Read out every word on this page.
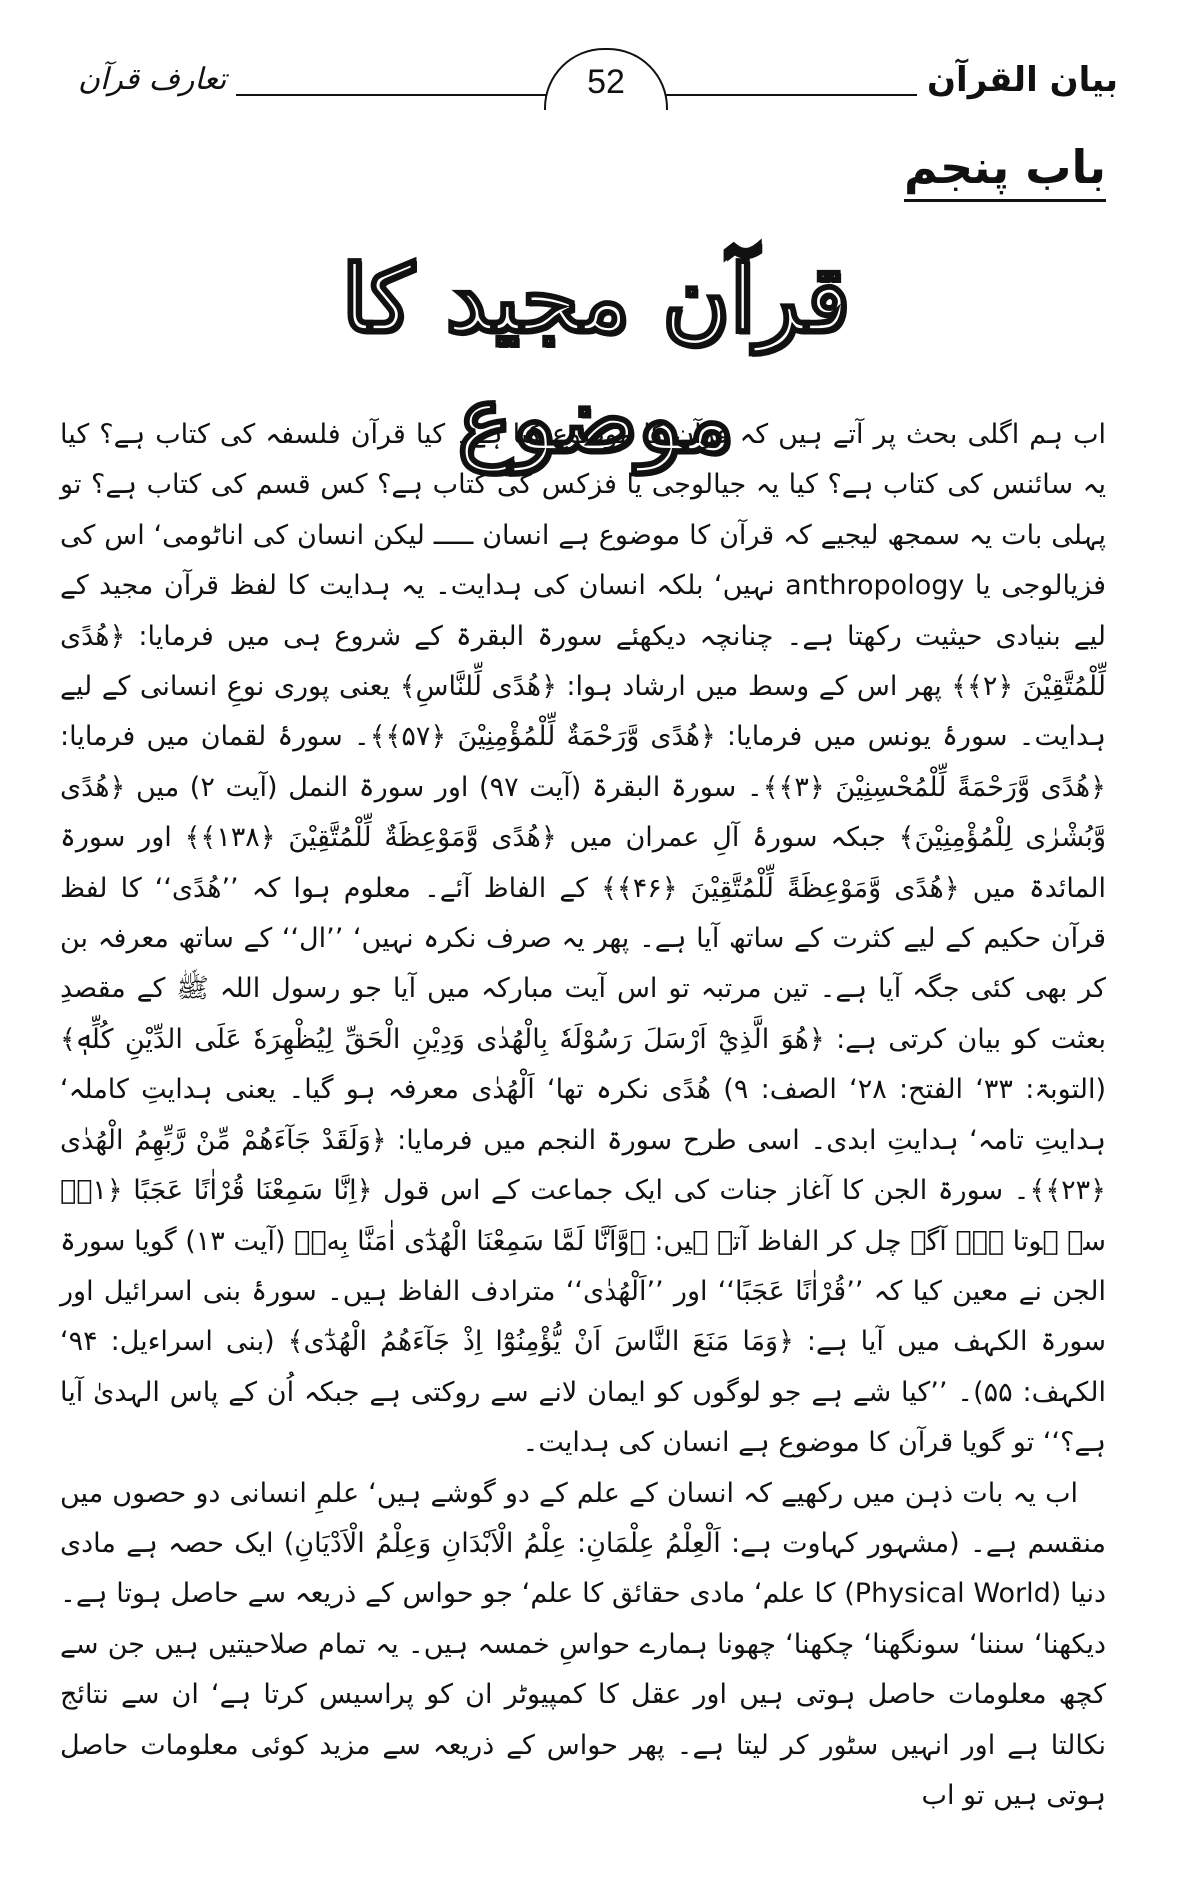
تعارف قرآن	52	بیان القرآن
باب پنجم
قرآن مجید کا موضوع

اب ہم اگلی بحث پر آتے ہیں کہ قرآن کا موضوع کیا ہے۔ کیا قرآن فلسفہ کی کتاب ہے؟ کیا یہ سائنس کی کتاب ہے؟ کیا یہ جیالوجی یا فزکس کی کتاب ہے؟ کس قسم کی کتاب ہے؟ تو پہلی بات یہ سمجھ لیجیے کہ قرآن کا موضوع ہے انسان ـــــ لیکن انسان کی اناٹومی‘ اس کی فزیالوجی یا anthropology نہیں‘ بلکہ انسان کی ہدایت۔ یہ ہدایت کا لفظ قرآن مجید کے لیے بنیادی حیثیت رکھتا ہے۔ چنانچہ دیکھئے سورۃ البقرۃ کے شروع ہی میں فرمایا: ﴿هُدًى لِّلْمُتَّقِيْنَ ﴿۲﴾﴾ پھر اس کے وسط میں ارشاد ہوا: ﴿هُدًى لِّلنَّاسِ﴾ یعنی پوری نوعِ انسانی کے لیے ہدایت۔ سورۂ یونس میں فرمایا: ﴿هُدًى وَّرَحْمَةٌ لِّلْمُؤْمِنِيْنَ ﴿۵۷﴾﴾۔ سورۂ لقمان میں فرمایا: ﴿هُدًى وَّرَحْمَةً لِّلْمُحْسِنِيْنَ ﴿۳﴾﴾۔ سورۃ البقرۃ (آیت ۹۷) اور سورۃ النمل (آیت ۲) میں ﴿هُدًى وَّبُشْرٰى لِلْمُؤْمِنِيْنَ﴾ جبکہ سورۂ آلِ عمران میں ﴿هُدًى وَّمَوْعِظَةٌ لِّلْمُتَّقِيْنَ ﴿۱۳۸﴾﴾ اور سورۃ المائدۃ میں ﴿هُدًى وَّمَوْعِظَةً لِّلْمُتَّقِيْنَ ﴿۴۶﴾﴾ کے الفاظ آئے۔ معلوم ہوا کہ ’’هُدًى‘‘ کا لفظ قرآن حکیم کے لیے کثرت کے ساتھ آیا ہے۔ پھر یہ صرف نکرہ نہیں‘ ’’ال‘‘ کے ساتھ معرفہ بن کر بھی کئی جگہ آیا ہے۔ تین مرتبہ تو اس آیت مبارکہ میں آیا جو رسول اللہ ﷺ کے مقصدِ بعثت کو بیان کرتی ہے: ﴿هُوَ الَّذِيْٓ اَرْسَلَ رَسُوْلَهٗ بِالْهُدٰى وَدِيْنِ الْحَقِّ لِيُظْهِرَهٗ عَلَى الدِّيْنِ كُلِّهٖ﴾ (التوبۃ: ۳۳‘ الفتح: ۲۸‘ الصف: ۹) هُدًى نکرہ تھا‘ اَلْهُدٰى معرفہ ہو گیا۔ یعنی ہدایتِ کاملہ‘ ہدایتِ تامہ‘ ہدایتِ ابدی۔ اسی طرح سورۃ النجم میں فرمایا: ﴿وَلَقَدْ جَآءَهُمْ مِّنْ رَّبِّهِمُ الْهُدٰى ﴿۲۳﴾﴾۔ سورۃ الجن کا آغاز جنات کی ایک جماعت کے اس قول ﴿اِنَّا سَمِعْنَا قُرْاٰنًا عَجَبًا ﴿۱﴾﴾ سے ہوتا ہے۔ آگے چل کر الفاظ آتے ہیں: ﴿وَّاَنَّا لَمَّا سَمِعْنَا الْهُدٰٓى اٰمَنَّا بِهٖ﴾ (آیت ۱۳) گویا سورۃ الجن نے معین کیا کہ ’’قُرْاٰنًا عَجَبًا‘‘ اور ’’اَلْهُدٰى‘‘ مترادف الفاظ ہیں۔ سورۂ بنی اسرائیل اور سورۃ الکہف میں آیا ہے: ﴿وَمَا مَنَعَ النَّاسَ اَنْ يُّؤْمِنُوْٓا اِذْ جَآءَهُمُ الْهُدٰٓى﴾ (بنی اسراءیل: ۹۴‘ الکہف: ۵۵)۔ ’’کیا شے ہے جو لوگوں کو ایمان لانے سے روکتی ہے جبکہ اُن کے پاس الہدیٰ آیا ہے؟‘‘ تو گویا قرآن کا موضوع ہے انسان کی ہدایت۔

اب یہ بات ذہن میں رکھیے کہ انسان کے علم کے دو گوشے ہیں‘ علمِ انسانی دو حصوں میں منقسم ہے۔ (مشہور کہاوت ہے: اَلْعِلْمُ عِلْمَانِ: عِلْمُ الْاَبْدَانِ وَعِلْمُ الْاَدْيَانِ) ایک حصہ ہے مادی دنیا (Physical World) کا علم‘ مادی حقائق کا علم‘ جو حواس کے ذریعہ سے حاصل ہوتا ہے۔ دیکھنا‘ سننا‘ سونگھنا‘ چکھنا‘ چھونا ہمارے حواسِ خمسہ ہیں۔ یہ تمام صلاحیتیں ہیں جن سے کچھ معلومات حاصل ہوتی ہیں اور عقل کا کمپیوٹر ان کو پراسیس کرتا ہے‘ ان سے نتائج نکالتا ہے اور انہیں سٹور کر لیتا ہے۔ پھر حواس کے ذریعہ سے مزید کوئی معلومات حاصل ہوتی ہیں تو اب
